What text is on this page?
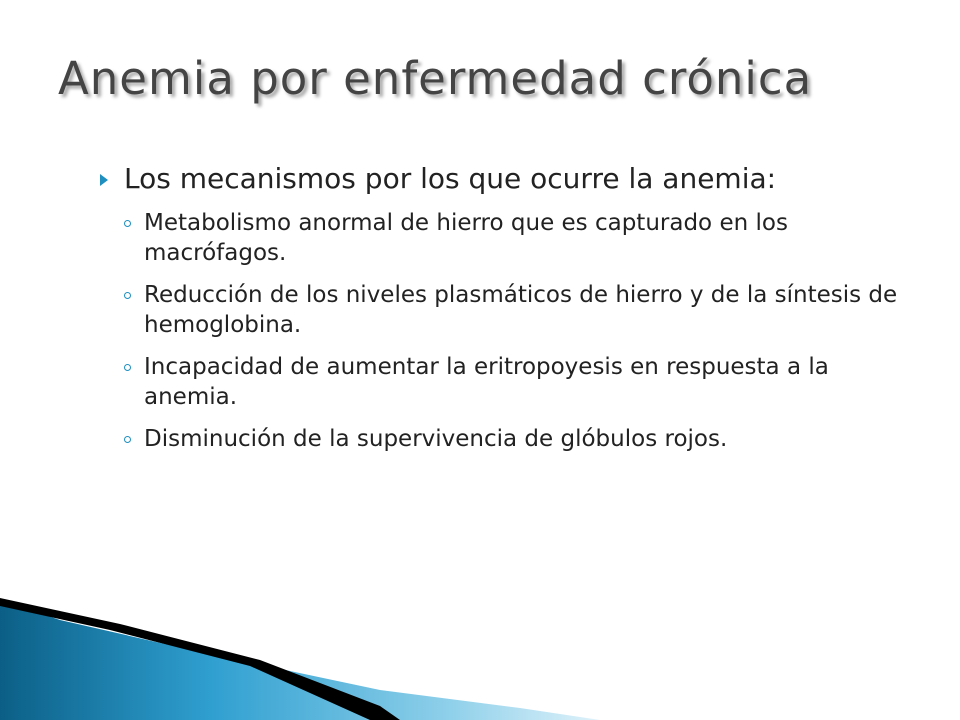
Anemia por enfermedad crónica
Los mecanismos por los que ocurre la anemia:
Metabolismo anormal de hierro que es capturado en los macrófagos.
Reducción de los niveles plasmáticos de hierro y de la síntesis de hemoglobina.
Incapacidad de aumentar la eritropoyesis en respuesta a la anemia.
Disminución de la supervivencia de glóbulos rojos.
